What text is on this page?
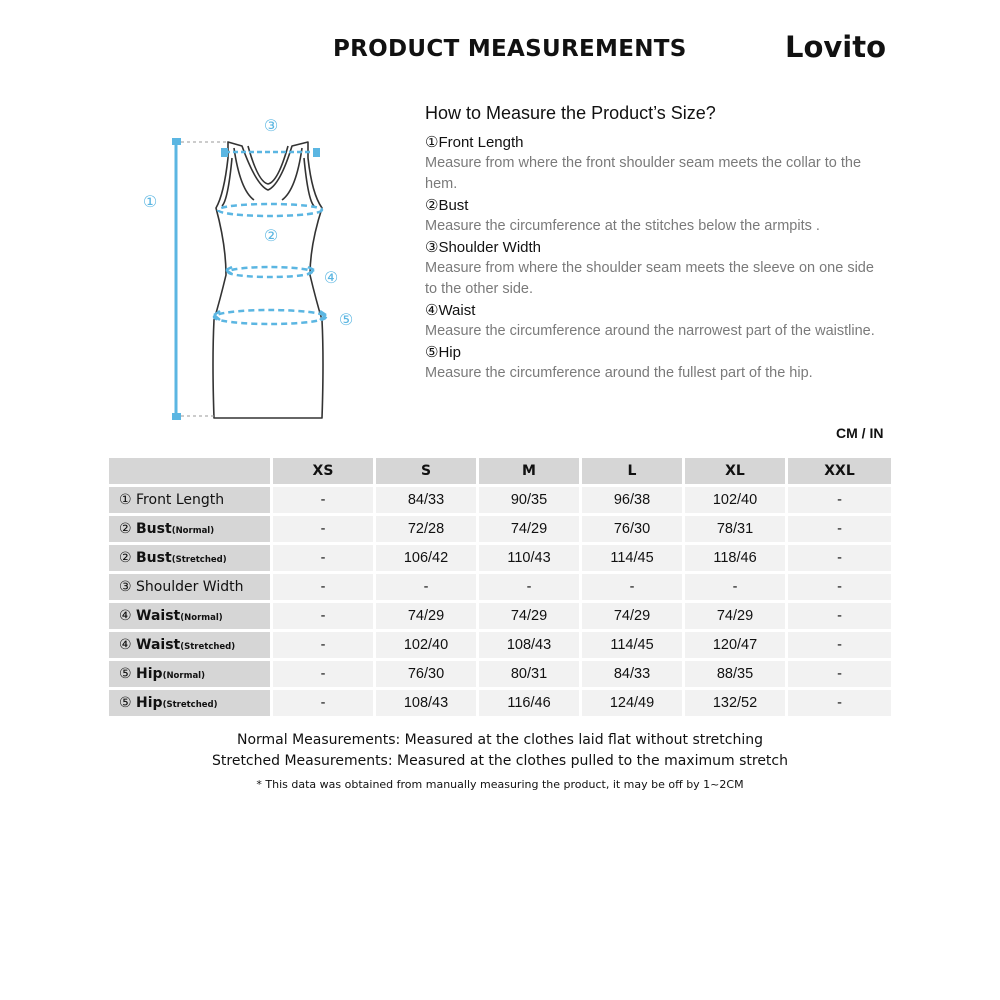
PRODUCT MEASUREMENTS	Lovito
①
②
③
④
⑤

How to Measure the Product’s Size?

①Front Length

Measure from where the front shoulder seam meets the collar to the hem.

②Bust

Measure the circumference at the stitches below the armpits .

③Shoulder Width

Measure from where the shoulder seam meets the sleeve on one side to the other side.

④Waist

Measure the circumference around the narrowest part of the waistline.

⑤Hip

Measure the circumference around the fullest part of the hip.

CM / IN
	XS	S	M	L	XL	XXL
① Front Length	-	84/33	90/35	96/38	102/40	-
② Bust(Normal)	-	72/28	74/29	76/30	78/31	-
② Bust(Stretched)	-	106/42	110/43	114/45	118/46	-
③ Shoulder Width	-	-	-	-	-	-
④ Waist(Normal)	-	74/29	74/29	74/29	74/29	-
④ Waist(Stretched)	-	102/40	108/43	114/45	120/47	-
⑤ Hip(Normal)	-	76/30	80/31	84/33	88/35	-
⑤ Hip(Stretched)	-	108/43	116/46	124/49	132/52	-

Normal Measurements: Measured at the clothes laid flat without stretching

Stretched Measurements: Measured at the clothes pulled to the maximum stretch

* This data was obtained from manually measuring the product, it may be off by 1~2CM
